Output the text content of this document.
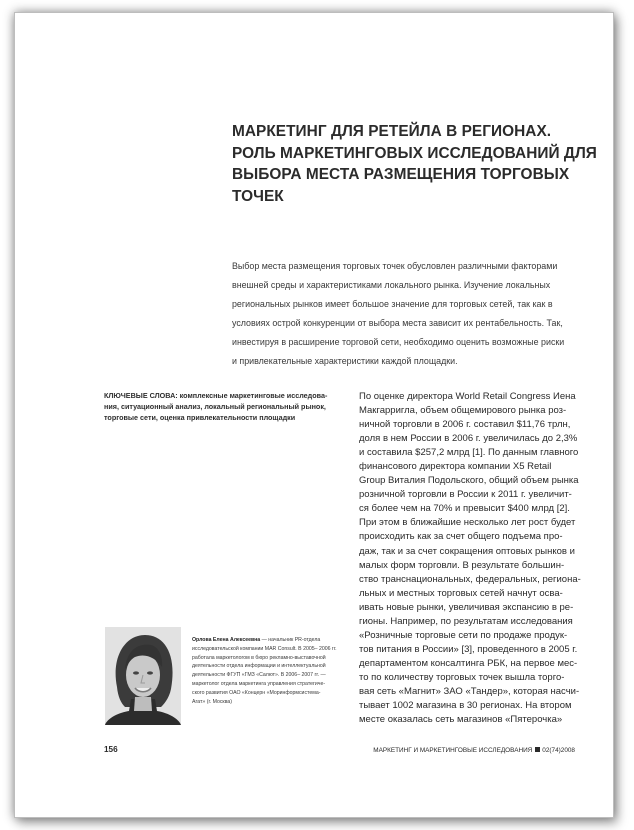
МАРКЕТИНГ ДЛЯ РЕТЕЙЛА В РЕГИОНАХ.
РОЛЬ МАРКЕТИНГОВЫХ ИССЛЕДОВАНИЙ ДЛЯ
ВЫБОРА МЕСТА РАЗМЕЩЕНИЯ ТОРГОВЫХ
ТОЧЕК

Выбор места размещения торговых точек обусловлен различными факторами
внешней среды и характеристиками локального рынка. Изучение локальных
региональных рынков имеет большое значение для торговых сетей, так как в
условиях острой конкуренции от выбора места зависит их рентабельность. Так,
инвестируя в расширение торговой сети, необходимо оценить возможные риски
и привлекательные характеристики каждой площадки.

КЛЮЧЕВЫЕ СЛОВА: комплексные маркетинговые исследова-
ния, ситуационный анализ, локальный региональный рынок,
торговые сети, оценка привлекательности площадки

По оценке директора World Retail Congress Иена
Макгарригла, объем общемирового рынка роз-
ничной торговли в 2006 г. составил $11,76 трлн,
доля в нем России в 2006 г. увеличилась до 2,3%
и составила $257,2 млрд [1]. По данным главного
финансового директора компании X5 Retail
Group Виталия Подольского, общий объем рынка
розничной торговли в России к 2011 г. увеличит-
ся более чем на 70% и превысит $400 млрд [2].
При этом в ближайшие несколько лет рост будет
происходить как за счет общего подъема про-
даж, так и за счет сокращения оптовых рынков и
малых форм торговли. В результате большин-
ство транснациональных, федеральных, региона-
льных и местных торговых сетей начнут осва-
ивать новые рынки, увеличивая экспансию в ре-
гионы. Например, по результатам исследования
«Розничные торговые сети по продаже продук-
тов питания в России» [3], проведенного в 2005 г.
департаментом консалтинга РБК, на первое мес-
то по количеству торговых точек вышла торго-
вая сеть «Магнит» ЗАО «Тандер», которая насчи-
тывает 1002 магазина в 30 регионах. На втором
месте оказалась сеть магазинов «Пятерочка»

Орлова Елена Алексеевна — начальник PR-отдела
исследовательской компании MAR Consult. В 2005– 2006 гг.
работала маркетологом в бюро рекламно-выставочной
деятельности отдела информации и интеллектуальной
деятельности ФГУП «ГМЗ «Салют». В 2006– 2007 гг. —
маркетолог отдела маркетинга управления стратегиче-
ского развития ОАО «Концерн «Моринформсистема-
Агат» (г. Москва)

156	МАРКЕТИНГ И МАРКЕТИНГОВЫЕ ИССЛЕДОВАНИЯ 02(74)2008
